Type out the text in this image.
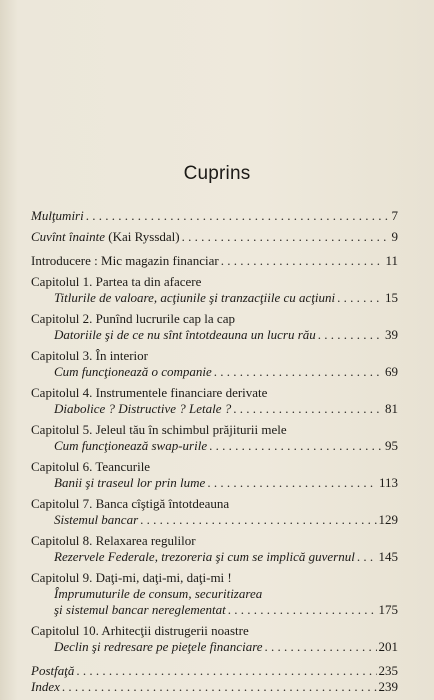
Cuprins
Mulţumiri . . .	7
Cuvînt înainte (Kai Ryssdal) . . .	9
Introducere : Mic magazin financiar . . .	11
Capitolul 1. Partea ta din afacere
Titlurile de valoare, acţiunile şi tranzacţiile cu acţiuni . . .	15
Capitolul 2. Punînd lucrurile cap la cap
Datoriile şi de ce nu sînt întotdeauna un lucru rău . . .	39
Capitolul 3. În interior
Cum funcţionează o companie . . .	69
Capitolul 4. Instrumentele financiare derivate
Diabolice ? Distructive ? Letale ? . . .	81
Capitolul 5. Jeleul tău în schimbul prăjiturii mele
Cum funcţionează swap-urile . . .	95
Capitolul 6. Teancurile
Banii şi traseul lor prin lume . . .	113
Capitolul 7. Banca cîştigă întotdeauna
Sistemul bancar . . .	129
Capitolul 8. Relaxarea regulilor
Rezervele Federale, trezoreria şi cum se implică guvernul . . . 145
Capitolul 9. Daţi-mi, daţi-mi, daţi-mi !
Împrumuturile de consum, securitizarea
şi sistemul bancar nereglementat . . .	175
Capitolul 10. Arhitecţii distrugerii noastre
Declin şi redresare pe pieţele financiare . . .	201
Postfaţă . . .	235
Index . . .	239
